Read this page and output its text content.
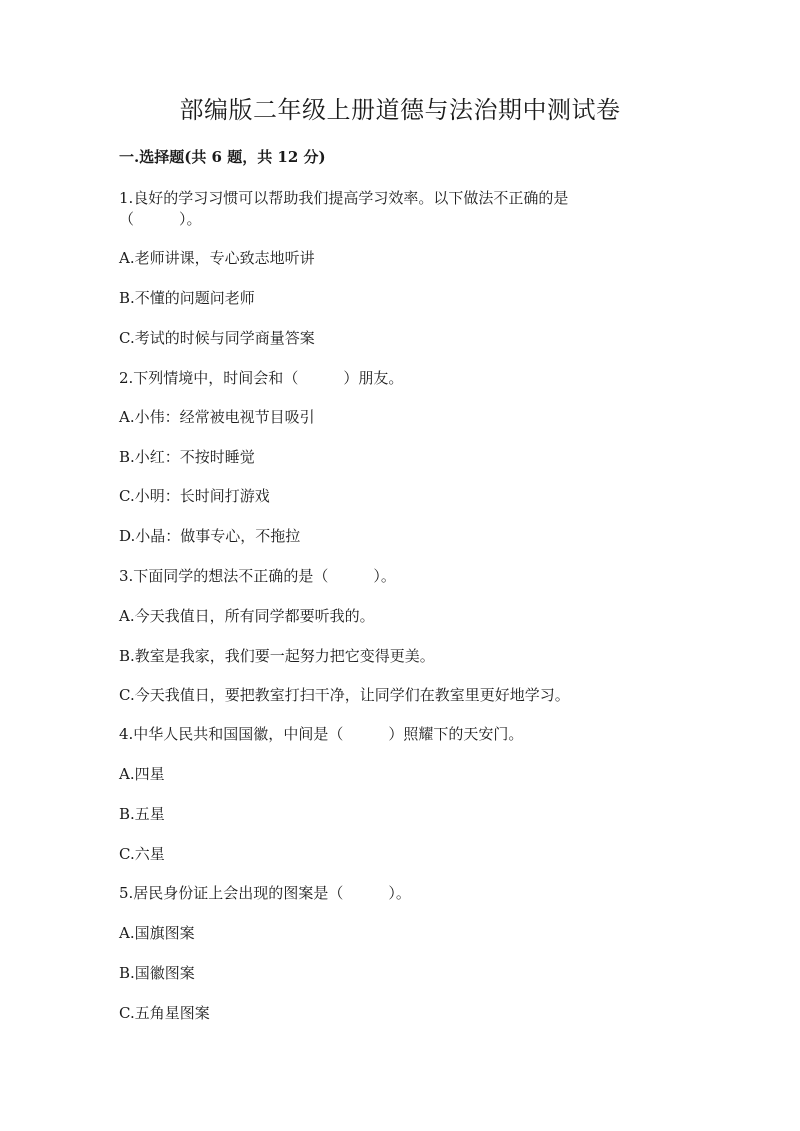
部编版二年级上册道德与法治期中测试卷
一.选择题(共 6 题，共 12 分)
1.良好的学习习惯可以帮助我们提高学习效率。以下做法不正确的是
（　　　）。
A.老师讲课，专心致志地听讲
B.不懂的问题问老师
C.考试的时候与同学商量答案
2.下列情境中，时间会和（　　　）朋友。
A.小伟：经常被电视节目吸引
B.小红：不按时睡觉
C.小明：长时间打游戏
D.小晶：做事专心，不拖拉
3.下面同学的想法不正确的是（　　　）。
A.今天我值日，所有同学都要听我的。
B.教室是我家，我们要一起努力把它变得更美。
C.今天我值日，要把教室打扫干净，让同学们在教室里更好地学习。
4.中华人民共和国国徽，中间是（　　　）照耀下的天安门。
A.四星
B.五星
C.六星
5.居民身份证上会出现的图案是（　　　）。
A.国旗图案
B.国徽图案
C.五角星图案
